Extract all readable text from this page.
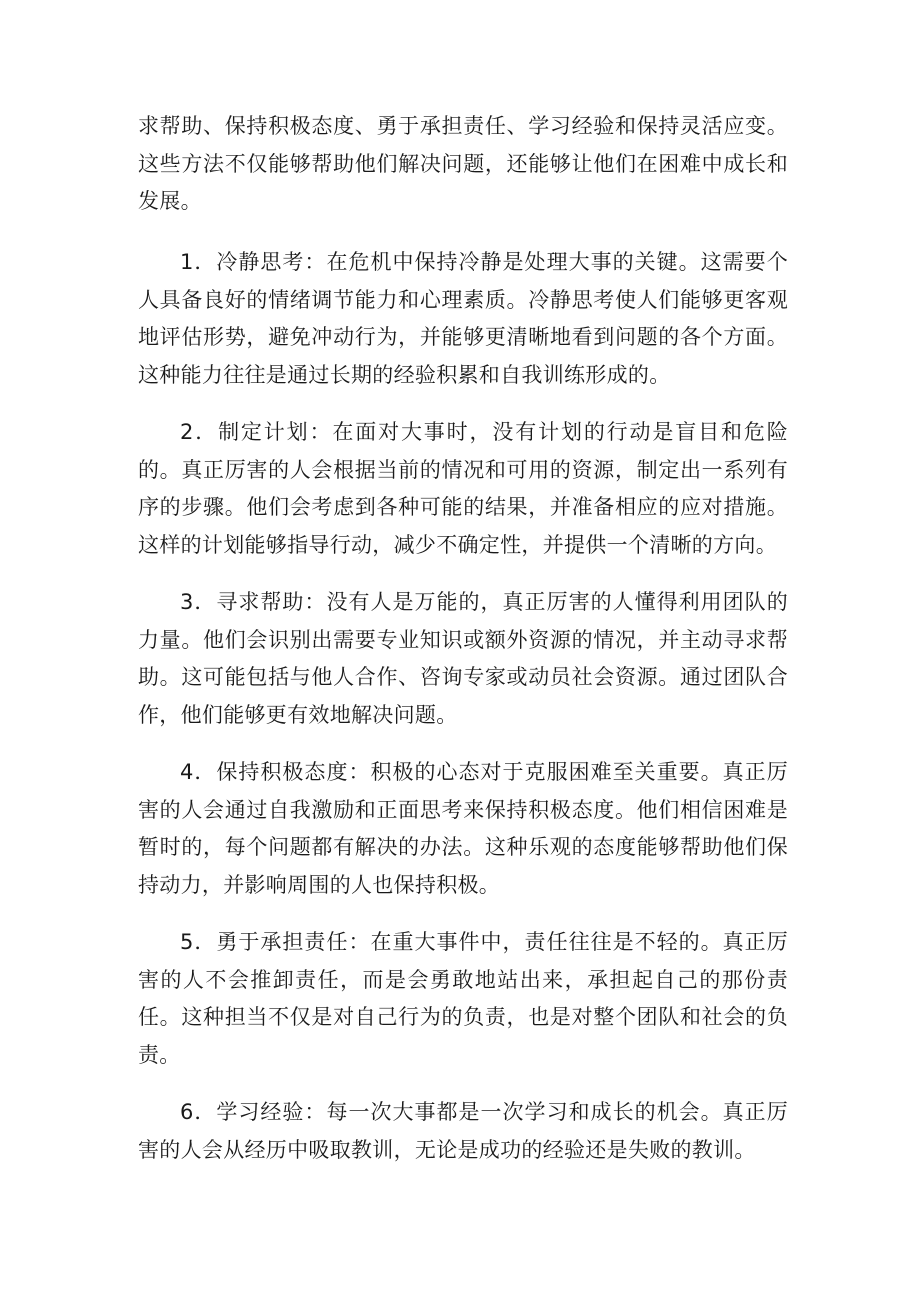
求帮助、保持积极态度、勇于承担责任、学习经验和保持灵活应变。这些方法不仅能够帮助他们解决问题，还能够让他们在困难中成长和发展。

1．冷静思考：在危机中保持冷静是处理大事的关键。这需要个人具备良好的情绪调节能力和心理素质。冷静思考使人们能够更客观地评估形势，避免冲动行为，并能够更清晰地看到问题的各个方面。这种能力往往是通过长期的经验积累和自我训练形成的。

2．制定计划：在面对大事时，没有计划的行动是盲目和危险的。真正厉害的人会根据当前的情况和可用的资源，制定出一系列有序的步骤。他们会考虑到各种可能的结果，并准备相应的应对措施。这样的计划能够指导行动，减少不确定性，并提供一个清晰的方向。

3．寻求帮助：没有人是万能的，真正厉害的人懂得利用团队的力量。他们会识别出需要专业知识或额外资源的情况，并主动寻求帮助。这可能包括与他人合作、咨询专家或动员社会资源。通过团队合作，他们能够更有效地解决问题。

4．保持积极态度：积极的心态对于克服困难至关重要。真正厉害的人会通过自我激励和正面思考来保持积极态度。他们相信困难是暂时的，每个问题都有解决的办法。这种乐观的态度能够帮助他们保持动力，并影响周围的人也保持积极。

5．勇于承担责任：在重大事件中，责任往往是不轻的。真正厉害的人不会推卸责任，而是会勇敢地站出来，承担起自己的那份责任。这种担当不仅是对自己行为的负责，也是对整个团队和社会的负责。

6．学习经验：每一次大事都是一次学习和成长的机会。真正厉害的人会从经历中吸取教训，无论是成功的经验还是失败的教训。
